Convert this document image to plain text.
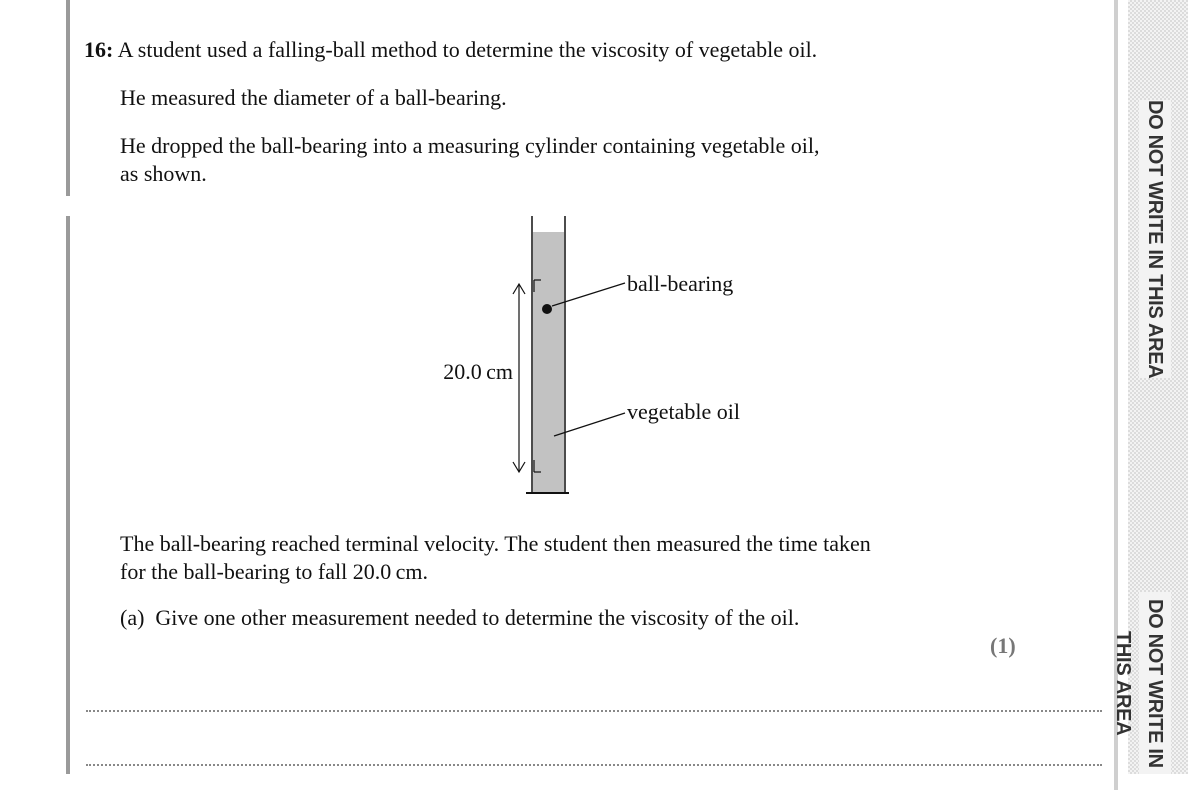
16: A student used a falling-ball method to determine the viscosity of vegetable oil.

He measured the diameter of a ball-bearing.

He dropped the ball-bearing into a measuring cylinder containing vegetable oil,

as shown.

ball-bearing
vegetable oil
20.0 cm

The ball-bearing reached terminal velocity. The student then measured the time taken

for the ball-bearing to fall 20.0 cm.

(a) Give one other measurement needed to determine the viscosity of the oil.

(1)
DO NOT WRITE IN THIS AREA
DO NOT WRITE IN THIS AREA
